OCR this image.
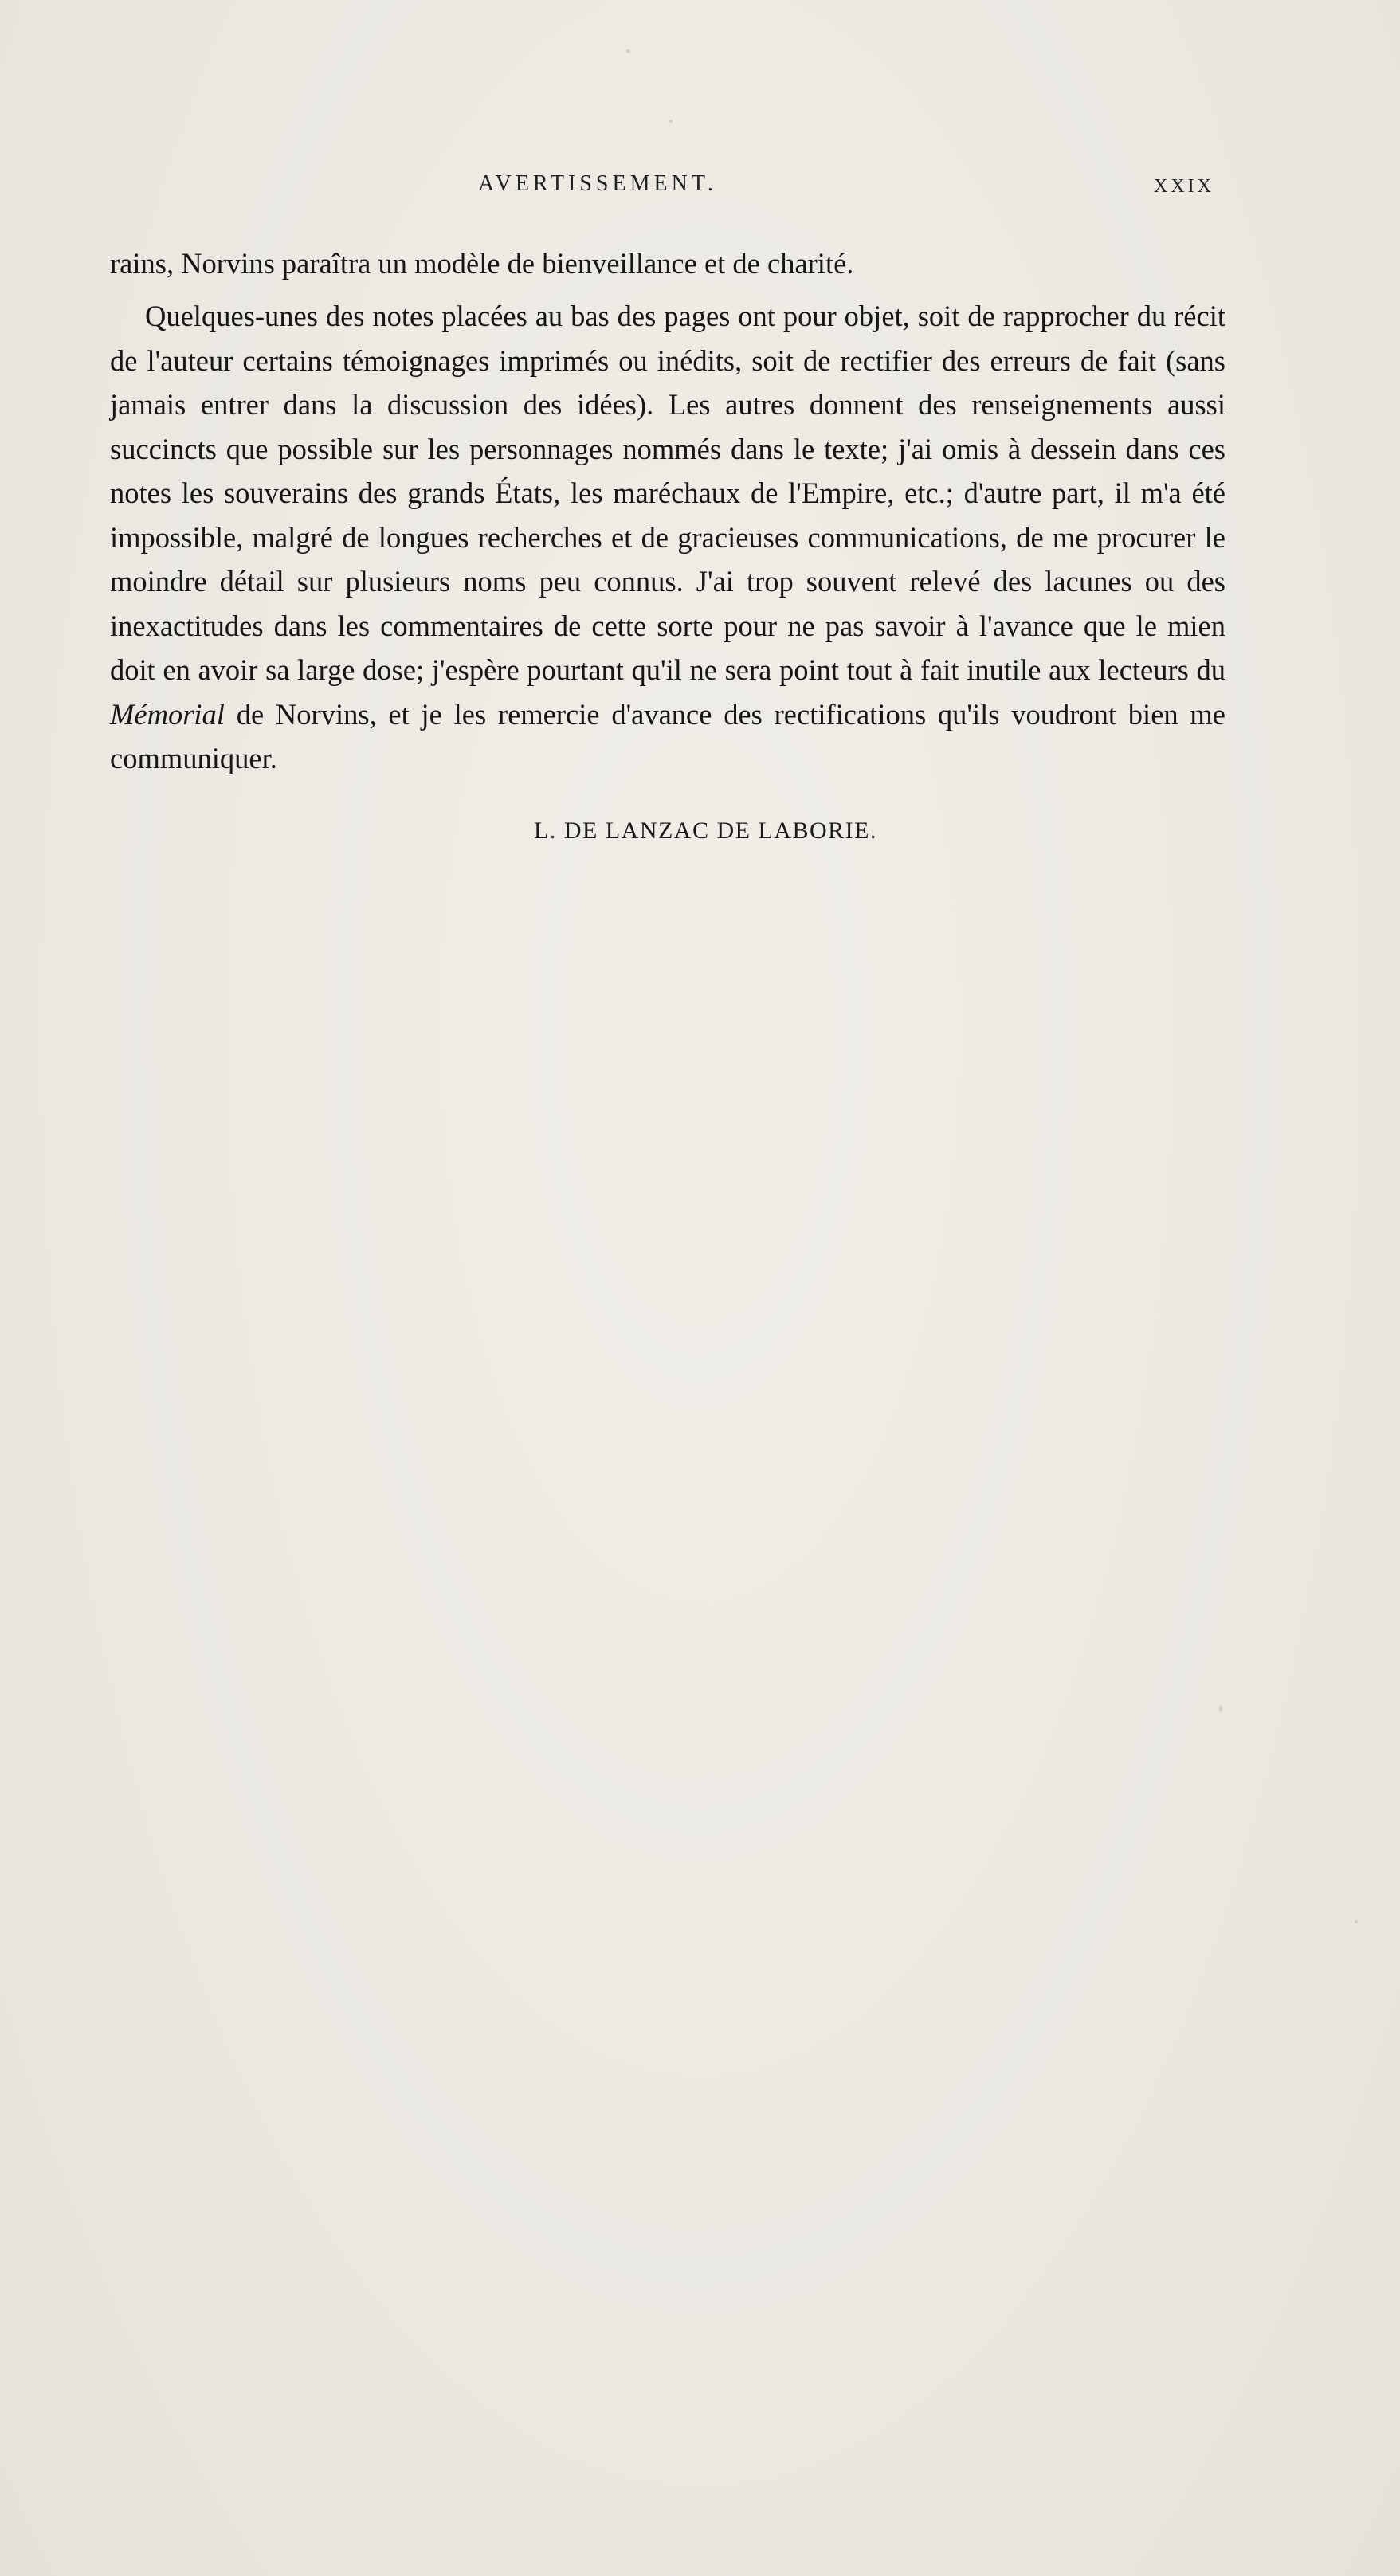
AVERTISSEMENT.	XXIX

rains, Norvins paraîtra un modèle de bienveillance et de charité.

Quelques-unes des notes placées au bas des pages ont pour objet, soit de rapprocher du récit de l'auteur certains témoignages imprimés ou inédits, soit de rectifier des erreurs de fait (sans jamais entrer dans la discussion des idées). Les autres donnent des renseignements aussi succincts que possible sur les personnages nommés dans le texte; j'ai omis à dessein dans ces notes les souverains des grands États, les maréchaux de l'Empire, etc.; d'autre part, il m'a été impossible, malgré de longues recherches et de gracieuses communications, de me procurer le moindre détail sur plusieurs noms peu connus. J'ai trop souvent relevé des lacunes ou des inexactitudes dans les commentaires de cette sorte pour ne pas savoir à l'avance que le mien doit en avoir sa large dose; j'espère pourtant qu'il ne sera point tout à fait inutile aux lecteurs du Mémorial de Norvins, et je les remercie d'avance des rectifications qu'ils voudront bien me communiquer.

L. DE LANZAC DE LABORIE.
